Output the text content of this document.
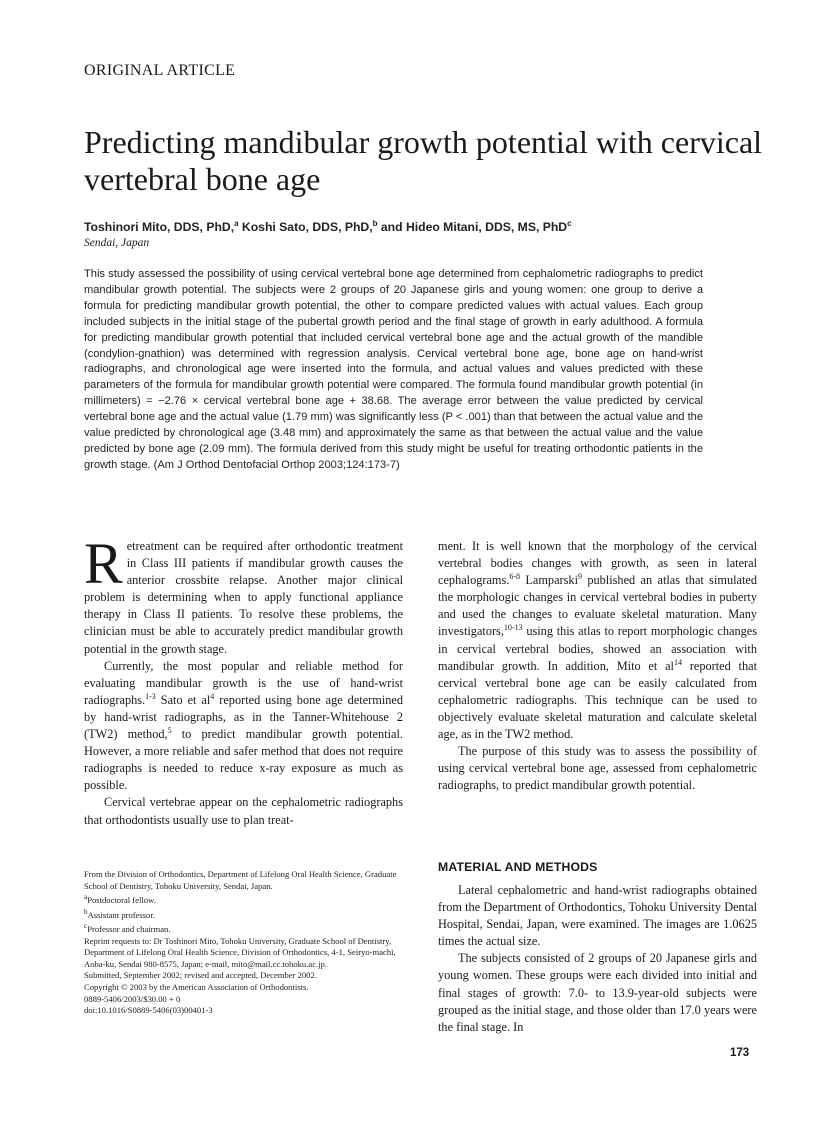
ORIGINAL ARTICLE
Predicting mandibular growth potential with cervical vertebral bone age
Toshinori Mito, DDS, PhD,$^a$ Koshi Sato, DDS, PhD,$^b$ and Hideo Mitani, DDS, MS, PhD$^c$
Sendai, Japan

This study assessed the possibility of using cervical vertebral bone age determined from cephalometric radiographs to predict mandibular growth potential. The subjects were 2 groups of 20 Japanese girls and young women: one group to derive a formula for predicting mandibular growth potential, the other to compare predicted values with actual values. Each group included subjects in the initial stage of the pubertal growth period and the final stage of growth in early adulthood. A formula for predicting mandibular growth potential that included cervical vertebral bone age and the actual growth of the mandible (condylion-gnathion) was determined with regression analysis. Cervical vertebral bone age, bone age on hand-wrist radiographs, and chronological age were inserted into the formula, and actual values and values predicted with these parameters of the formula for mandibular growth potential were compared. The formula found mandibular growth potential (in millimeters) = −2.76 × cervical vertebral bone age + 38.68. The average error between the value predicted by cervical vertebral bone age and the actual value (1.79 mm) was significantly less (P < .001) than that between the actual value and the value predicted by chronological age (3.48 mm) and approximately the same as that between the actual value and the value predicted by bone age (2.09 mm). The formula derived from this study might be useful for treating orthodontic patients in the growth stage. (Am J Orthod Dentofacial Orthop 2003;124:173-7)

Retreatment can be required after orthodontic treatment in Class III patients if mandibular growth causes the anterior crossbite relapse. Another major clinical problem is determining when to apply functional appliance therapy in Class II patients. To resolve these problems, the clinician must be able to accurately predict mandibular growth potential in the growth stage.

Currently, the most popular and reliable method for evaluating mandibular growth is the use of hand-wrist radiographs.$^{1-3}$ Sato et al$^4$ reported using bone age determined by hand-wrist radiographs, as in the Tanner-Whitehouse 2 (TW2) method,$^5$ to predict mandibular growth potential. However, a more reliable and safer method that does not require radiographs is needed to reduce x-ray exposure as much as possible.

Cervical vertebrae appear on the cephalometric radiographs that orthodontists usually use to plan treat-

From the Division of Orthodontics, Department of Lifelong Oral Health Science, Graduate School of Dentistry, Tohoku University, Sendai, Japan.
$^a$Postdoctoral fellow.
$^b$Assistant professor.
$^c$Professor and chairman.
Reprint requests to: Dr Toshinori Mito, Tohoku University, Graduate School of Dentistry, Department of Lifelong Oral Health Science, Division of Orthodontics, 4-1, Seiryo-machi, Aoba-ku, Sendai 980-8575, Japan; e-mail, mito@mail.cc.tohoku.ac.jp.
Submitted, September 2002; revised and accepted, December 2002.
Copyright © 2003 by the American Association of Orthodontists.
0889-5406/2003/$30.00 + 0
doi:10.1016/S0889-5406(03)00401-3

ment. It is well known that the morphology of the cervical vertebral bodies changes with growth, as seen in lateral cephalograms.$^{6-8}$ Lamparski$^9$ published an atlas that simulated the morphologic changes in cervical vertebral bodies in puberty and used the changes to evaluate skeletal maturation. Many investigators,$^{10-13}$ using this atlas to report morphologic changes in cervical vertebral bodies, showed an association with mandibular growth. In addition, Mito et al$^{14}$ reported that cervical vertebral bone age can be easily calculated from cephalometric radiographs. This technique can be used to objectively evaluate skeletal maturation and calculate skeletal age, as in the TW2 method.

The purpose of this study was to assess the possibility of using cervical vertebral bone age, assessed from cephalometric radiographs, to predict mandibular growth potential.

MATERIAL AND METHODS

Lateral cephalometric and hand-wrist radiographs obtained from the Department of Orthodontics, Tohoku University Dental Hospital, Sendai, Japan, were examined. The images are 1.0625 times the actual size.

The subjects consisted of 2 groups of 20 Japanese girls and young women. These groups were each divided into initial and final stages of growth: 7.0- to 13.9-year-old subjects were grouped as the initial stage, and those older than 17.0 years were the final stage. In

173
